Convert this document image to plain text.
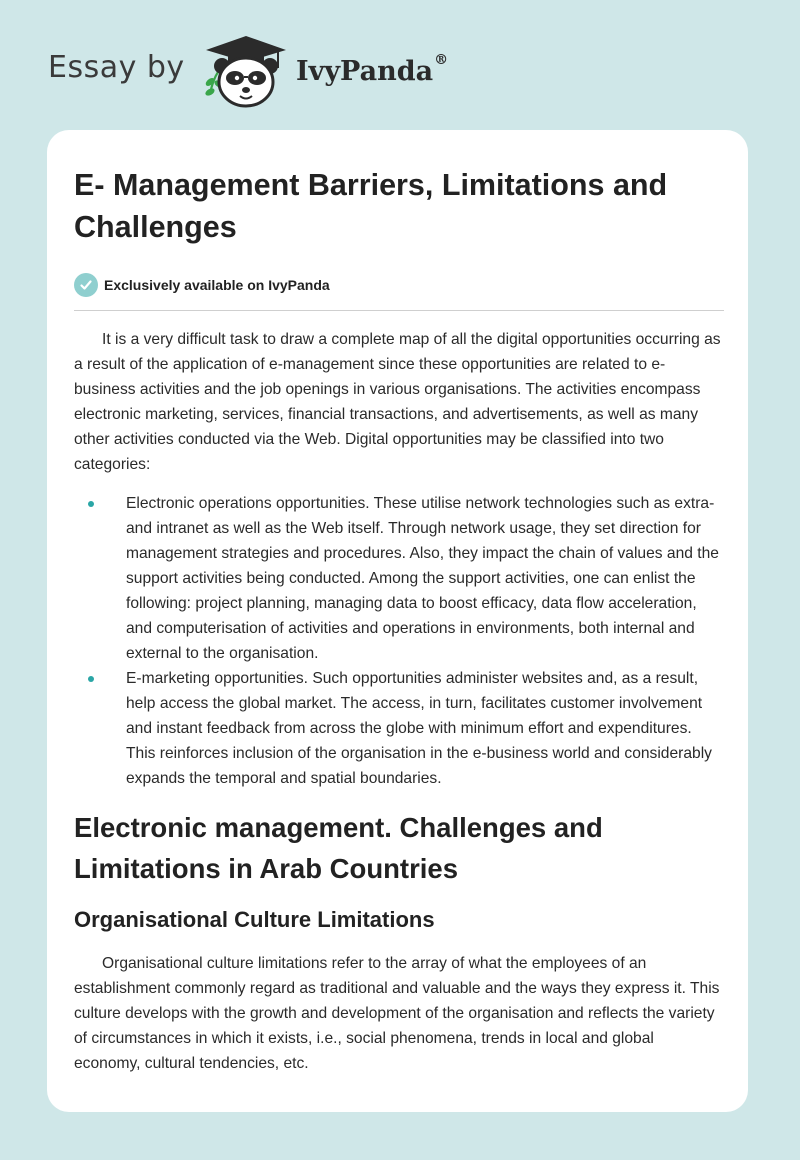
Essay by	IvyPanda®
E- Management Barriers, Limitations and Challenges
Exclusively available on IvyPanda

It is a very difficult task to draw a complete map of all the digital opportunities occurring as a result of the application of e-management since these opportunities are related to e-business activities and the job openings in various organisations. The activities encompass electronic marketing, services, financial transactions, and advertisements, as well as many other activities conducted via the Web. Digital opportunities may be classified into two categories:

Electronic operations opportunities. These utilise network technologies such as extra- and intranet as well as the Web itself. Through network usage, they set direction for management strategies and procedures. Also, they impact the chain of values and the support activities being conducted. Among the support activities, one can enlist the following: project planning, managing data to boost efficacy, data flow acceleration, and computerisation of activities and operations in environments, both internal and external to the organisation.
E-marketing opportunities. Such opportunities administer websites and, as a result, help access the global market. The access, in turn, facilitates customer involvement and instant feedback from across the globe with minimum effort and expenditures. This reinforces inclusion of the organisation in the e-business world and considerably expands the temporal and spatial boundaries.
Electronic management. Challenges and Limitations in Arab Countries
Organisational Culture Limitations

Organisational culture limitations refer to the array of what the employees of an establishment commonly regard as traditional and valuable and the ways they express it. This culture develops with the growth and development of the organisation and reflects the variety of circumstances in which it exists, i.e., social phenomena, trends in local and global economy, cultural tendencies, etc.
